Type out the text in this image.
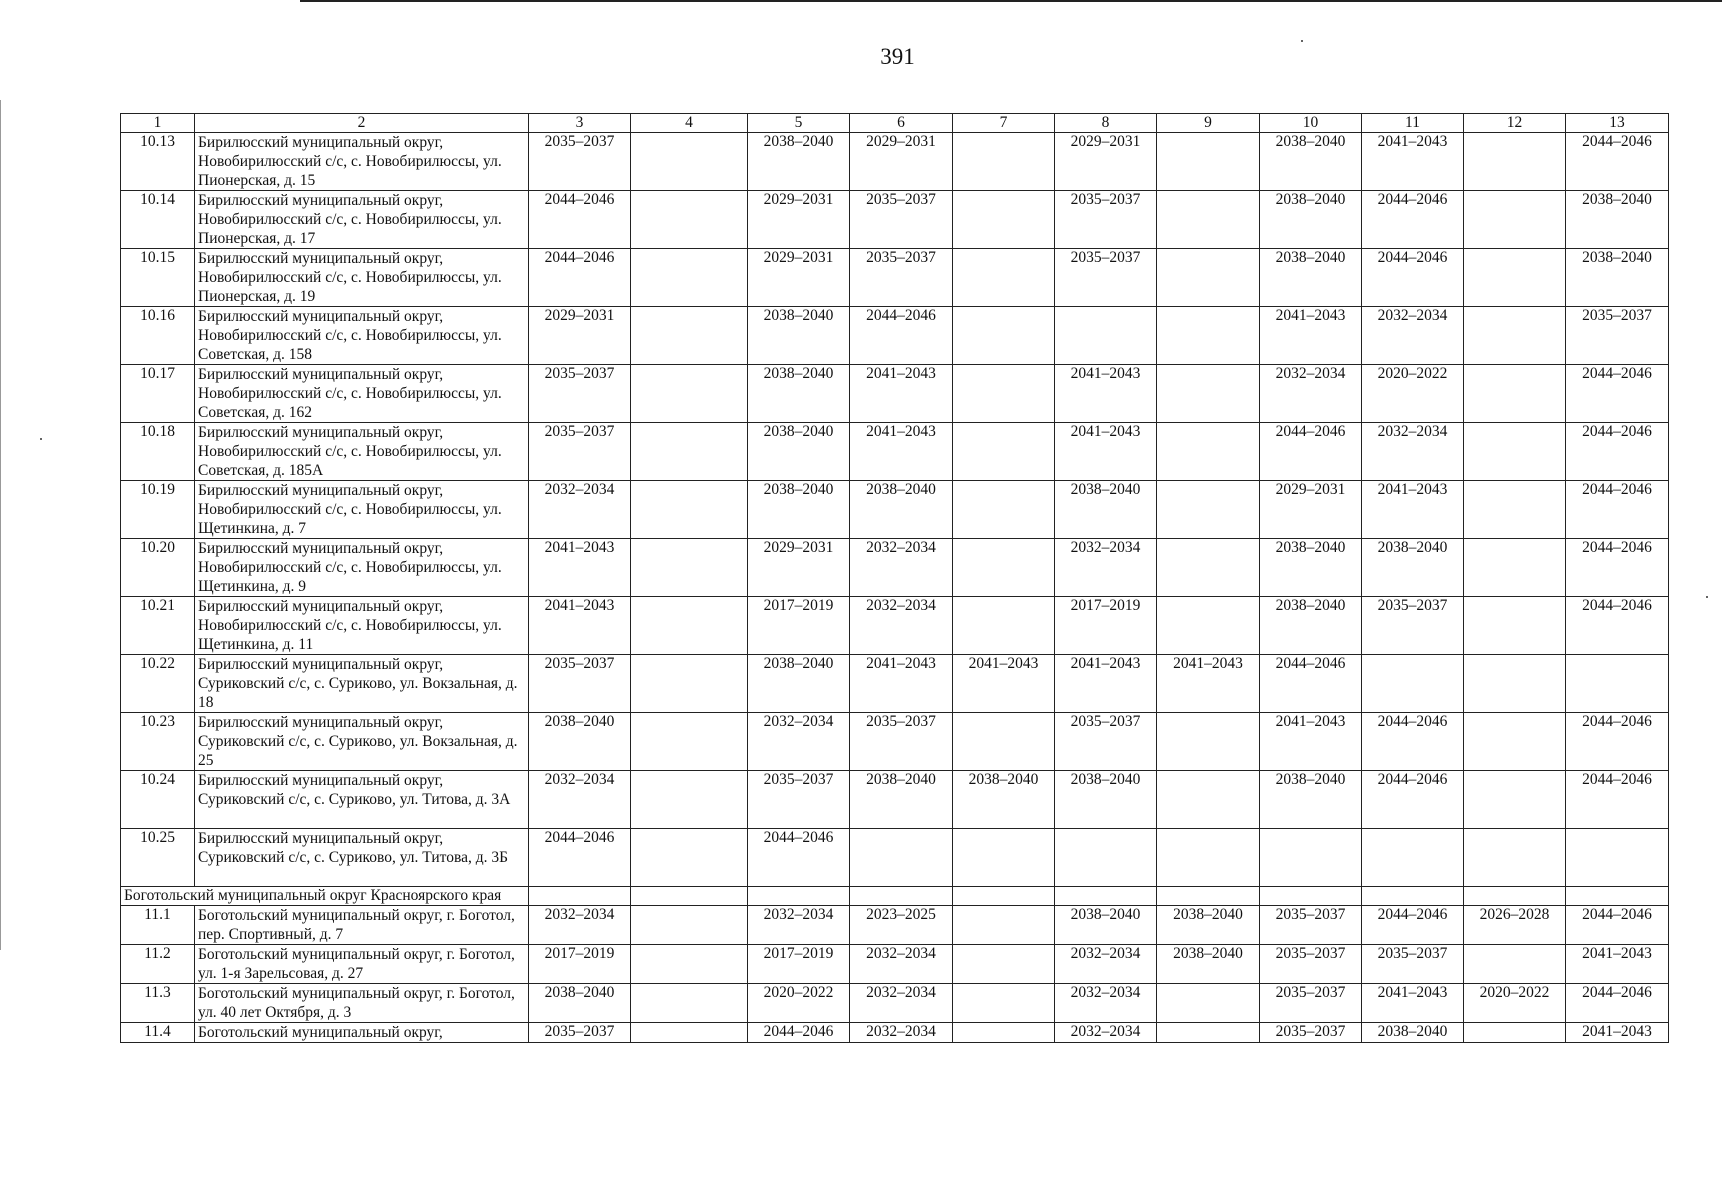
391
1	2	3	4	5	6	7	8	9	10	11	12	13
10.13	Бирилюсский муниципальный округ, Новобирилюсский с/с, с. Новобирилюссы, ул. Пионерская, д. 15	2035–2037		2038–2040	2029–2031		2029–2031		2038–2040	2041–2043		2044–2046
10.14	Бирилюсский муниципальный округ, Новобирилюсский с/с, с. Новобирилюссы, ул. Пионерская, д. 17	2044–2046		2029–2031	2035–2037		2035–2037		2038–2040	2044–2046		2038–2040
10.15	Бирилюсский муниципальный округ, Новобирилюсский с/с, с. Новобирилюссы, ул. Пионерская, д. 19	2044–2046		2029–2031	2035–2037		2035–2037		2038–2040	2044–2046		2038–2040
10.16	Бирилюсский муниципальный округ, Новобирилюсский с/с, с. Новобирилюссы, ул. Советская, д. 158	2029–2031		2038–2040	2044–2046				2041–2043	2032–2034		2035–2037
10.17	Бирилюсский муниципальный округ, Новобирилюсский с/с, с. Новобирилюссы, ул. Советская, д. 162	2035–2037		2038–2040	2041–2043		2041–2043		2032–2034	2020–2022		2044–2046
10.18	Бирилюсский муниципальный округ, Новобирилюсский с/с, с. Новобирилюссы, ул. Советская, д. 185А	2035–2037		2038–2040	2041–2043		2041–2043		2044–2046	2032–2034		2044–2046
10.19	Бирилюсский муниципальный округ, Новобирилюсский с/с, с. Новобирилюссы, ул. Щетинкина, д. 7	2032–2034		2038–2040	2038–2040		2038–2040		2029–2031	2041–2043		2044–2046
10.20	Бирилюсский муниципальный округ, Новобирилюсский с/с, с. Новобирилюссы, ул. Щетинкина, д. 9	2041–2043		2029–2031	2032–2034		2032–2034		2038–2040	2038–2040		2044–2046
10.21	Бирилюсский муниципальный округ, Новобирилюсский с/с, с. Новобирилюссы, ул. Щетинкина, д. 11	2041–2043		2017–2019	2032–2034		2017–2019		2038–2040	2035–2037		2044–2046
10.22	Бирилюсский муниципальный округ, Суриковский с/с, с. Суриково, ул. Вокзальная, д. 18	2035–2037		2038–2040	2041–2043	2041–2043	2041–2043	2041–2043	2044–2046			
10.23	Бирилюсский муниципальный округ, Суриковский с/с, с. Суриково, ул. Вокзальная, д. 25	2038–2040		2032–2034	2035–2037		2035–2037		2041–2043	2044–2046		2044–2046
10.24	Бирилюсский муниципальный округ, Суриковский с/с, с. Суриково, ул. Титова, д. 3А	2032–2034		2035–2037	2038–2040	2038–2040	2038–2040		2038–2040	2044–2046		2044–2046
10.25	Бирилюсский муниципальный округ, Суриковский с/с, с. Суриково, ул. Титова, д. 3Б	2044–2046		2044–2046								
Боготольский муниципальный округ Красноярского края												
11.1	Боготольский муниципальный округ, г. Боготол, пер. Спортивный, д. 7	2032–2034		2032–2034	2023–2025		2038–2040	2038–2040	2035–2037	2044–2046	2026–2028	2044–2046
11.2	Боготольский муниципальный округ, г. Боготол, ул. 1-я Зарельсовая, д. 27	2017–2019		2017–2019	2032–2034		2032–2034	2038–2040	2035–2037	2035–2037		2041–2043
11.3	Боготольский муниципальный округ, г. Боготол, ул. 40 лет Октября, д. 3	2038–2040		2020–2022	2032–2034		2032–2034		2035–2037	2041–2043	2020–2022	2044–2046
11.4	Боготольский муниципальный округ,	2035–2037		2044–2046	2032–2034		2032–2034		2035–2037	2038–2040		2041–2043
